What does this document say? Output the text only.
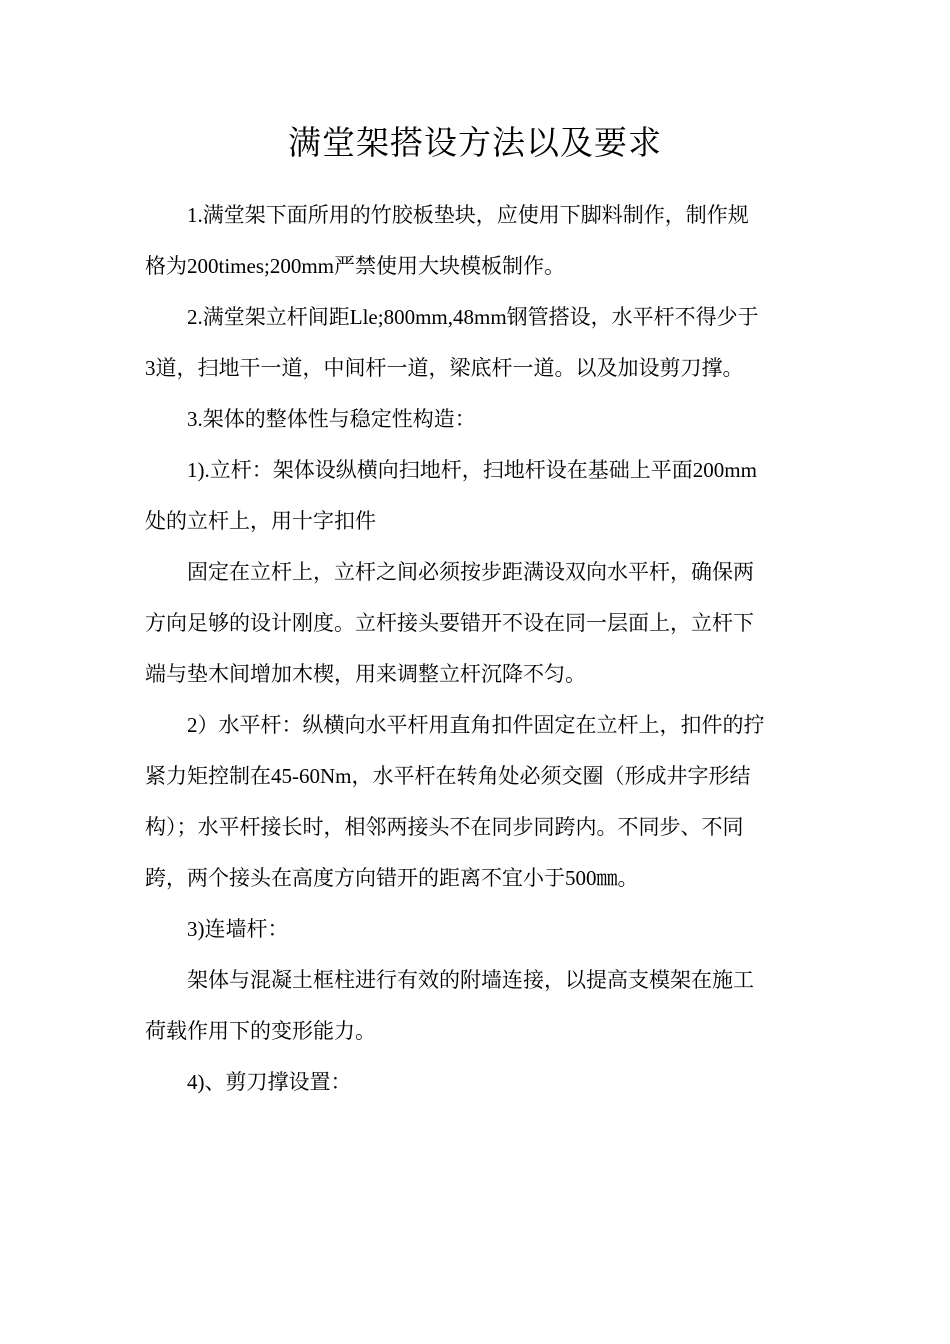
满堂架搭设方法以及要求
1.满堂架下面所用的竹胶板垫块，应使用下脚料制作，制作规
格为200times;200mm严禁使用大块模板制作。
2.满堂架立杆间距Lle;800mm,48mm钢管搭设，水平杆不得少于
3道，扫地干一道，中间杆一道，梁底杆一道。以及加设剪刀撑。
3.架体的整体性与稳定性构造：
1).立杆：架体设纵横向扫地杆，扫地杆设在基础上平面200mm
处的立杆上，用十字扣件
固定在立杆上，立杆之间必须按步距满设双向水平杆，确保两
方向足够的设计刚度。立杆接头要错开不设在同一层面上，立杆下
端与垫木间增加木楔，用来调整立杆沉降不匀。
2）水平杆：纵横向水平杆用直角扣件固定在立杆上，扣件的拧
紧力矩控制在45-60Nm，水平杆在转角处必须交圈（形成井字形结
构）；水平杆接长时，相邻两接头不在同步同跨内。不同步、不同
跨，两个接头在高度方向错开的距离不宜小于500㎜。
3)连墙杆：
架体与混凝土框柱进行有效的附墙连接，以提高支模架在施工
荷载作用下的变形能力。
4)、剪刀撑设置：
